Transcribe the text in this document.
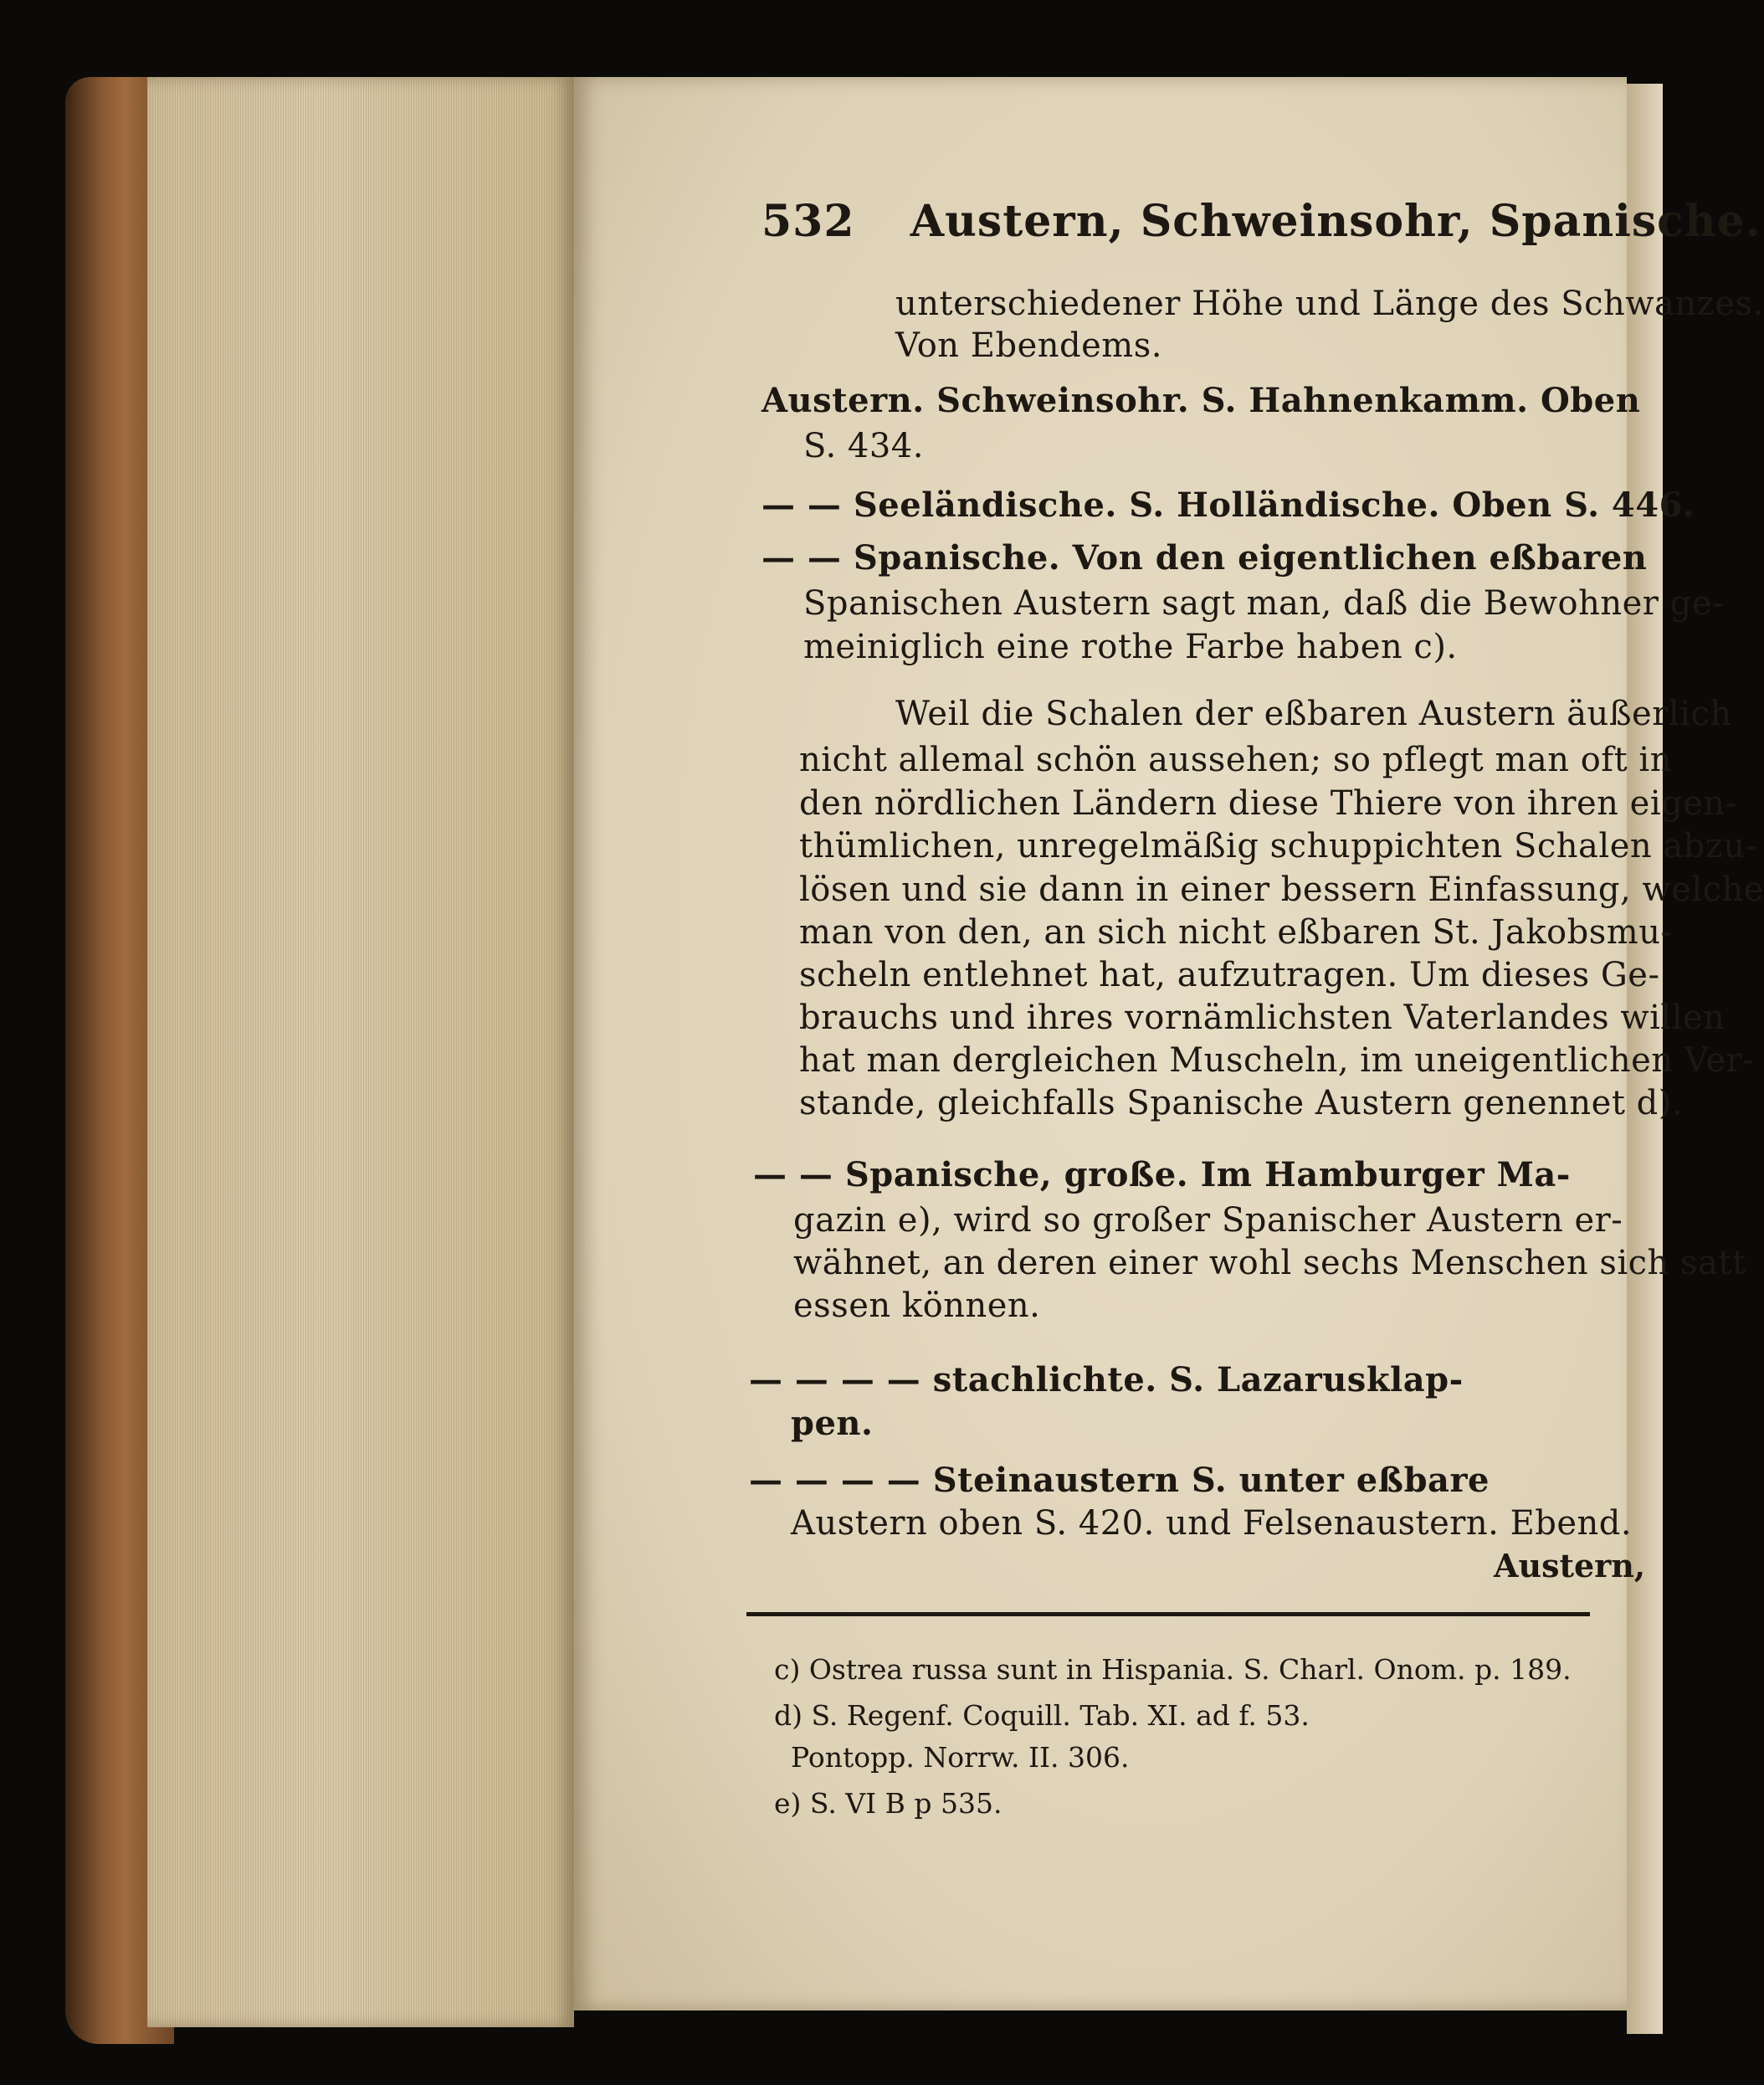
532 Austern, Schweinsohr, Spanische.
unterschiedener Höhe und Länge des Schwanzes.
Von Ebendems.
Austern. Schweinsohr. S. Hahnenkamm. Oben
S. 434.
— — Seeländische. S. Holländische. Oben S. 446.
— — Spanische. Von den eigentlichen eßbaren
Spanischen Austern sagt man, daß die Bewohner ge-
meiniglich eine rothe Farbe haben c).
Weil die Schalen der eßbaren Austern äußerlich
nicht allemal schön aussehen; so pflegt man oft in
den nördlichen Ländern diese Thiere von ihren eigen-
thümlichen, unregelmäßig schuppichten Schalen abzu-
lösen und sie dann in einer bessern Einfassung, welche
man von den, an sich nicht eßbaren St. Jakobsmu-
scheln entlehnet hat, aufzutragen. Um dieses Ge-
brauchs und ihres vornämlichsten Vaterlandes willen
hat man dergleichen Muscheln, im uneigentlichen Ver-
stande, gleichfalls Spanische Austern genennet d).
— — Spanische, große. Im Hamburger Ma-
gazin e), wird so großer Spanischer Austern er-
wähnet, an deren einer wohl sechs Menschen sich satt
essen können.
— — — — stachlichte. S. Lazarusklap-
pen.
— — — — Steinaustern S. unter eßbare
Austern oben S. 420. und Felsenaustern. Ebend.
Austern,
c) Ostrea russa sunt in Hispania. S. Charl. Onom. p. 189.
d) S. Regenf. Coquill. Tab. XI. ad f. 53.
Pontopp. Norrw. II. 306.
e) S. VI B p 535.
